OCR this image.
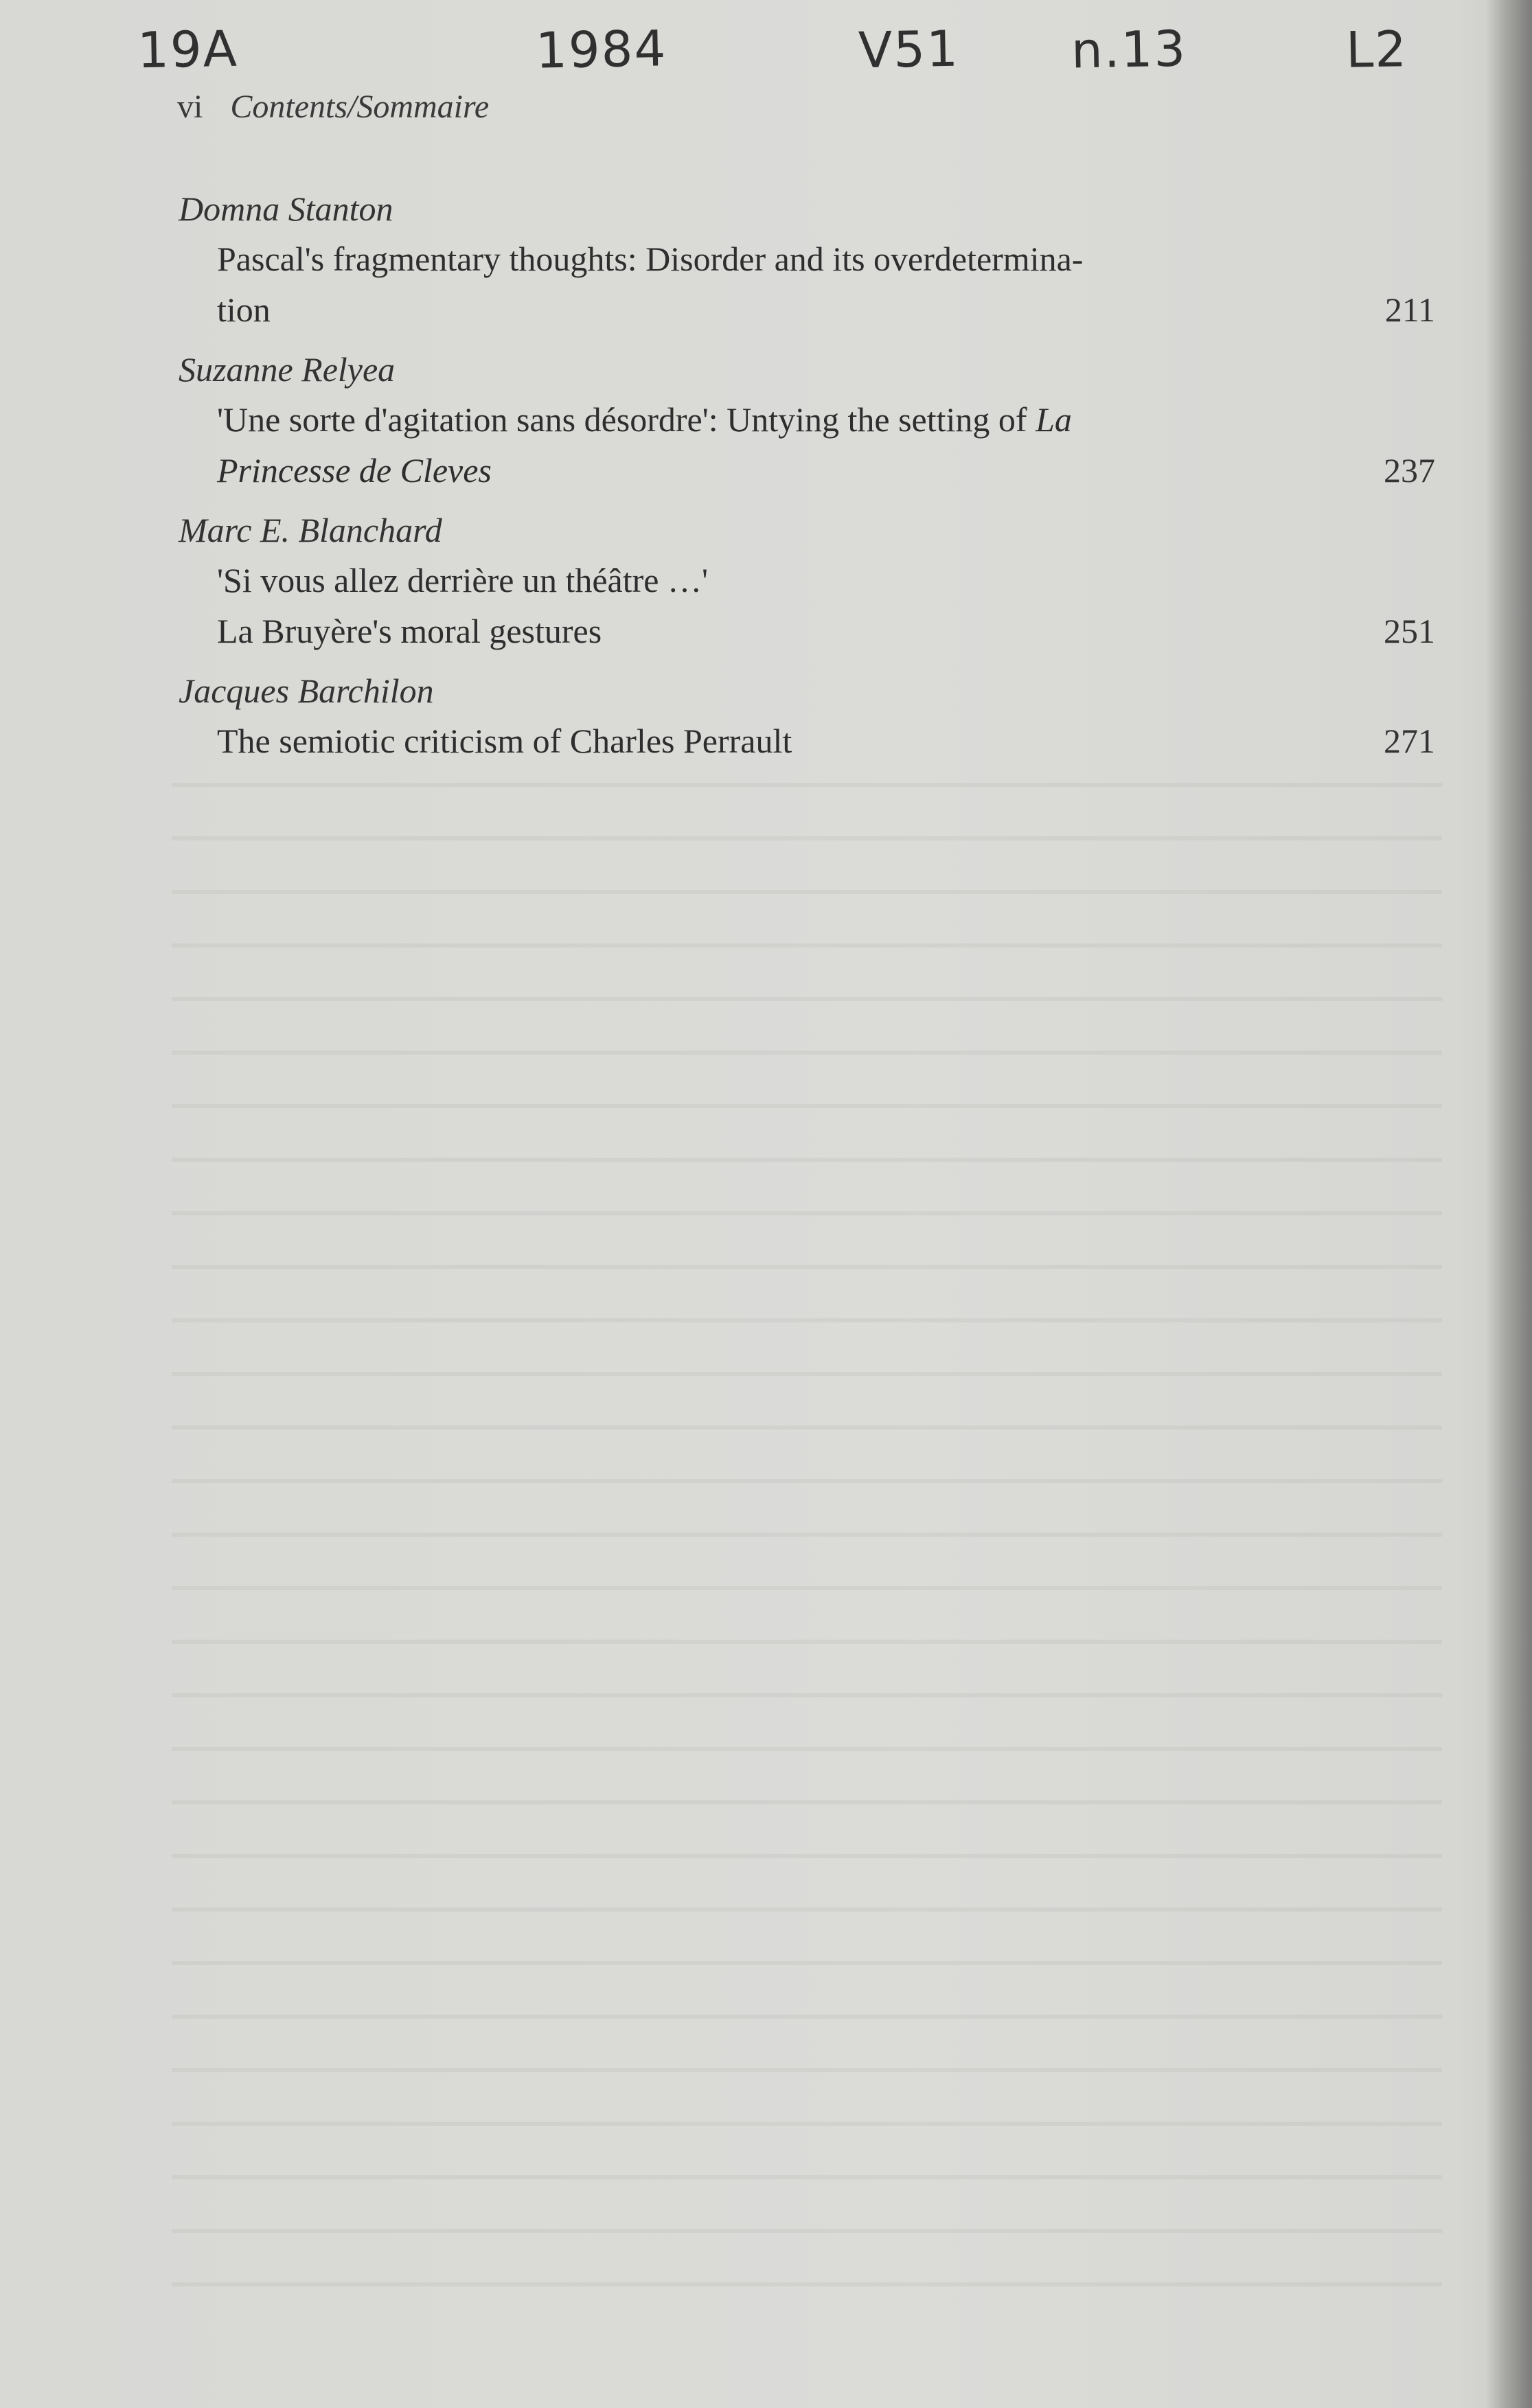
19A	1984	V51 n.13	L2
vi Contents/Sommaire
Domna Stanton
Pascal's fragmentary thoughts: Disorder and its overdetermina-
tion	211
Suzanne Relyea
'Une sorte d'agitation sans désordre': Untying the setting of La
Princesse de Cleves	237
Marc E. Blanchard
'Si vous allez derrière un théâtre …'
La Bruyère's moral gestures	251
Jacques Barchilon
The semiotic criticism of Charles Perrault	271
